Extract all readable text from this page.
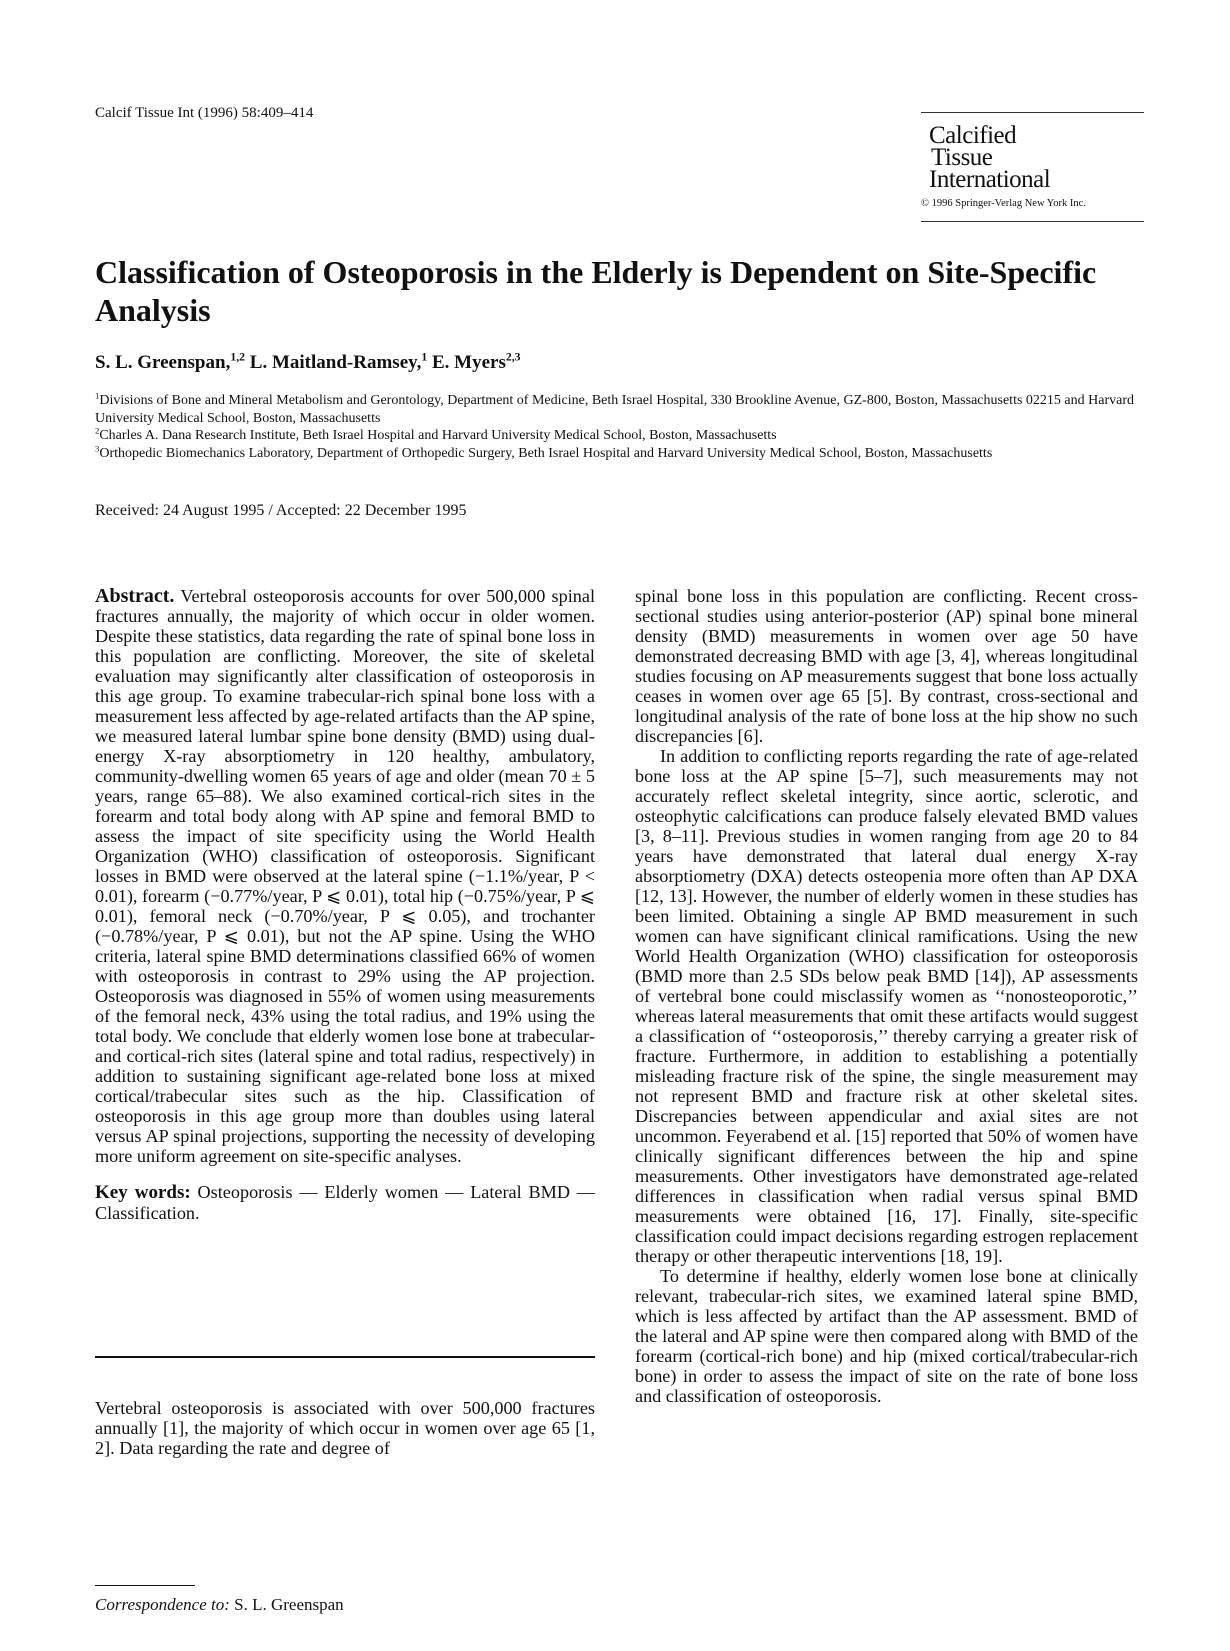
Calcif Tissue Int (1996) 58:409–414
Calcified
Tissue
International
© 1996 Springer-Verlag New York Inc.
Classification of Osteoporosis in the Elderly is Dependent on Site-Specific Analysis
S. L. Greenspan,$^{1,2}$ L. Maitland-Ramsey,$^1$ E. Myers$^{2,3}$
$^1$Divisions of Bone and Mineral Metabolism and Gerontology, Department of Medicine, Beth Israel Hospital, 330 Brookline Avenue, GZ-800, Boston, Massachusetts 02215 and Harvard University Medical School, Boston, Massachusetts
$^2$Charles A. Dana Research Institute, Beth Israel Hospital and Harvard University Medical School, Boston, Massachusetts
$^3$Orthopedic Biomechanics Laboratory, Department of Orthopedic Surgery, Beth Israel Hospital and Harvard University Medical School, Boston, Massachusetts
Received: 24 August 1995 / Accepted: 22 December 1995

Abstract. Vertebral osteoporosis accounts for over 500,000 spinal fractures annually, the majority of which occur in older women. Despite these statistics, data regarding the rate of spinal bone loss in this population are conflicting. Moreover, the site of skeletal evaluation may significantly alter classification of osteoporosis in this age group. To examine trabecular-rich spinal bone loss with a measurement less affected by age-related artifacts than the AP spine, we measured lateral lumbar spine bone density (BMD) using dual-energy X-ray absorptiometry in 120 healthy, ambulatory, community-dwelling women 65 years of age and older (mean 70 ± 5 years, range 65–88). We also examined cortical-rich sites in the forearm and total body along with AP spine and femoral BMD to assess the impact of site specificity using the World Health Organization (WHO) classification of osteoporosis. Significant losses in BMD were observed at the lateral spine (−1.1%/year, P < 0.01), forearm (−0.77%/year, P ⩽ 0.01), total hip (−0.75%/year, P ⩽ 0.01), femoral neck (−0.70%/year, P ⩽ 0.05), and trochanter (−0.78%/year, P ⩽ 0.01), but not the AP spine. Using the WHO criteria, lateral spine BMD determinations classified 66% of women with osteoporosis in contrast to 29% using the AP projection. Osteoporosis was diagnosed in 55% of women using measurements of the femoral neck, 43% using the total radius, and 19% using the total body. We conclude that elderly women lose bone at trabecular- and cortical-rich sites (lateral spine and total radius, respectively) in addition to sustaining significant age-related bone loss at mixed cortical/trabecular sites such as the hip. Classification of osteoporosis in this age group more than doubles using lateral versus AP spinal projections, supporting the necessity of developing more uniform agreement on site-specific analyses.

Key words: Osteoporosis — Elderly women — Lateral BMD — Classification.

Vertebral osteoporosis is associated with over 500,000 fractures annually [1], the majority of which occur in women over age 65 [1, 2]. Data regarding the rate and degree of

Correspondence to: S. L. Greenspan

spinal bone loss in this population are conflicting. Recent cross-sectional studies using anterior-posterior (AP) spinal bone mineral density (BMD) measurements in women over age 50 have demonstrated decreasing BMD with age [3, 4], whereas longitudinal studies focusing on AP measurements suggest that bone loss actually ceases in women over age 65 [5]. By contrast, cross-sectional and longitudinal analysis of the rate of bone loss at the hip show no such discrepancies [6].

In addition to conflicting reports regarding the rate of age-related bone loss at the AP spine [5–7], such measurements may not accurately reflect skeletal integrity, since aortic, sclerotic, and osteophytic calcifications can produce falsely elevated BMD values [3, 8–11]. Previous studies in women ranging from age 20 to 84 years have demonstrated that lateral dual energy X-ray absorptiometry (DXA) detects osteopenia more often than AP DXA [12, 13]. However, the number of elderly women in these studies has been limited. Obtaining a single AP BMD measurement in such women can have significant clinical ramifications. Using the new World Health Organization (WHO) classification for osteoporosis (BMD more than 2.5 SDs below peak BMD [14]), AP assessments of vertebral bone could misclassify women as ‘‘nonosteoporotic,’’ whereas lateral measurements that omit these artifacts would suggest a classification of ‘‘osteoporosis,’’ thereby carrying a greater risk of fracture. Furthermore, in addition to establishing a potentially misleading fracture risk of the spine, the single measurement may not represent BMD and fracture risk at other skeletal sites. Discrepancies between appendicular and axial sites are not uncommon. Feyerabend et al. [15] reported that 50% of women have clinically significant differences between the hip and spine measurements. Other investigators have demonstrated age-related differences in classification when radial versus spinal BMD measurements were obtained [16, 17]. Finally, site-specific classification could impact decisions regarding estrogen replacement therapy or other therapeutic interventions [18, 19].

To determine if healthy, elderly women lose bone at clinically relevant, trabecular-rich sites, we examined lateral spine BMD, which is less affected by artifact than the AP assessment. BMD of the lateral and AP spine were then compared along with BMD of the forearm (cortical-rich bone) and hip (mixed cortical/trabecular-rich bone) in order to assess the impact of site on the rate of bone loss and classification of osteoporosis.
